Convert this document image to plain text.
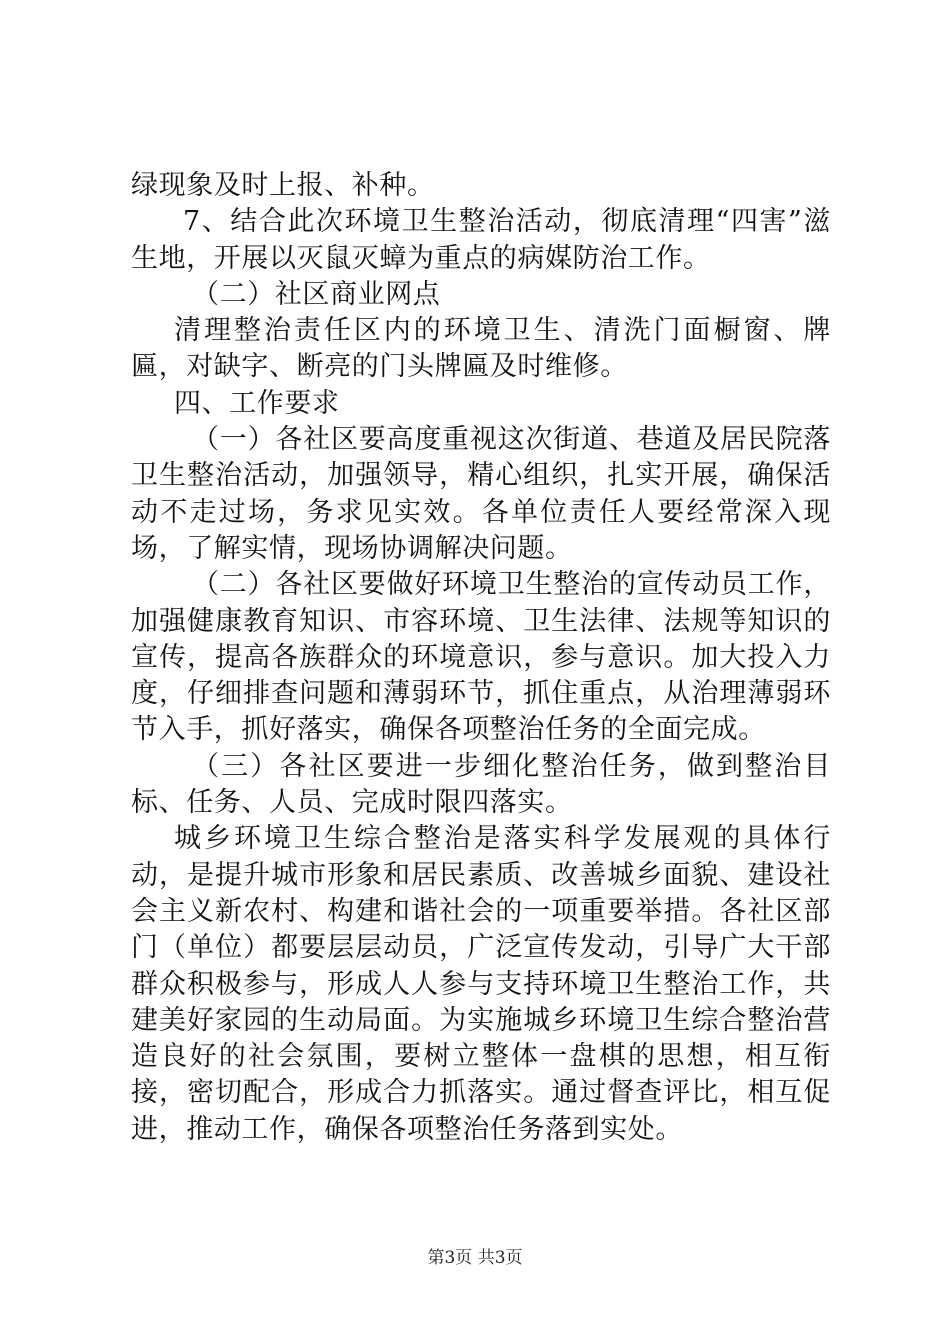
绿现象及时上报、补种。

7、结合此次环境卫生整治活动，彻底清理“四害”滋生地，开展以灭鼠灭蟑为重点的病媒防治工作。

（二）社区商业网点

清理整治责任区内的环境卫生、清洗门面橱窗、牌匾，对缺字、断亮的门头牌匾及时维修。

四、工作要求

（一）各社区要高度重视这次街道、巷道及居民院落卫生整治活动，加强领导，精心组织，扎实开展，确保活动不走过场，务求见实效。各单位责任人要经常深入现场，了解实情，现场协调解决问题。

（二）各社区要做好环境卫生整治的宣传动员工作，加强健康教育知识、市容环境、卫生法律、法规等知识的宣传，提高各族群众的环境意识，参与意识。加大投入力度，仔细排查问题和薄弱环节，抓住重点，从治理薄弱环节入手，抓好落实，确保各项整治任务的全面完成。

（三）各社区要进一步细化整治任务，做到整治目标、任务、人员、完成时限四落实。

城乡环境卫生综合整治是落实科学发展观的具体行动，是提升城市形象和居民素质、改善城乡面貌、建设社会主义新农村、构建和谐社会的一项重要举措。各社区部门（单位）都要层层动员，广泛宣传发动，引导广大干部群众积极参与，形成人人参与支持环境卫生整治工作，共建美好家园的生动局面。为实施城乡环境卫生综合整治营造良好的社会氛围，要树立整体一盘棋的思想，相互衔接，密切配合，形成合力抓落实。通过督查评比，相互促进，推动工作，确保各项整治任务落到实处。

第3页 共3页
